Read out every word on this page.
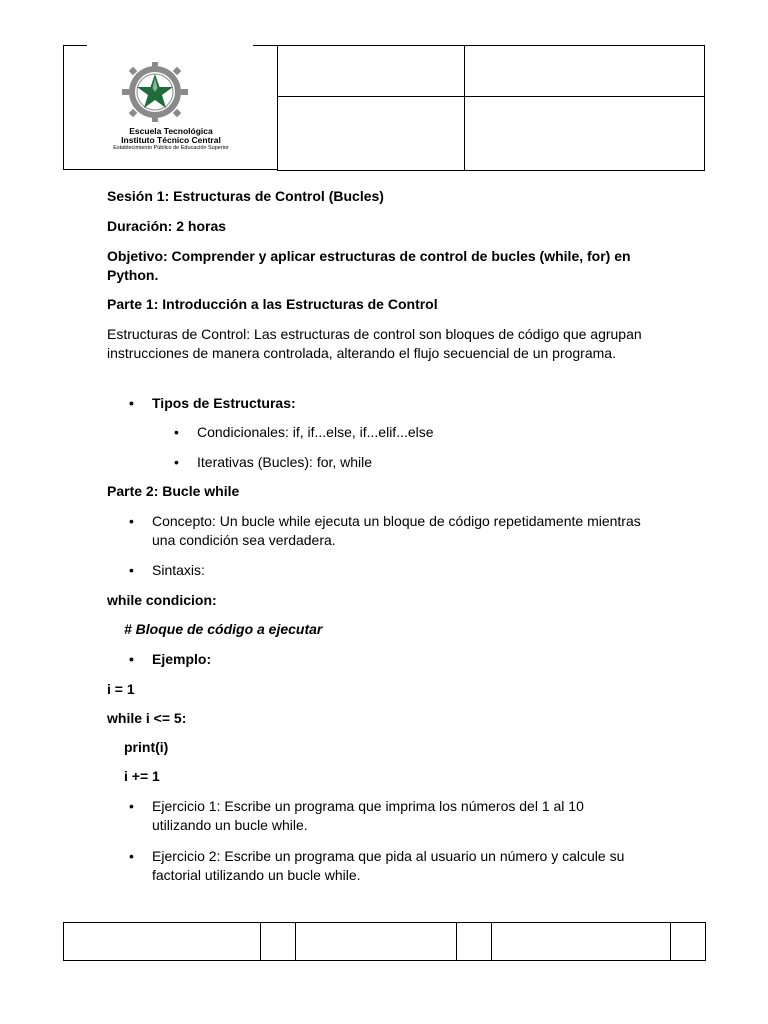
Escuela Tecnológica
Instituto Técnico Central
Establecimiento Público de Educación Superior

Sesión 1: Estructuras de Control (Bucles)

Duración: 2 horas

Objetivo: Comprender y aplicar estructuras de control de bucles (while, for) en Python.

Parte 1: Introducción a las Estructuras de Control

Estructuras de Control: Las estructuras de control son bloques de código que agrupan instrucciones de manera controlada, alterando el flujo secuencial de un programa.

• Tipos de Estructuras:
• Condicionales: if, if...else, if...elif...else
• Iterativas (Bucles): for, while

Parte 2: Bucle while

• Concepto: Un bucle while ejecuta un bloque de código repetidamente mientras una condición sea verdadera.
• Sintaxis:

while condicion:

# Bloque de código a ejecutar

• Ejemplo:

i = 1

while i <= 5:

print(i)

i += 1

• Ejercicio 1: Escribe un programa que imprima los números del 1 al 10 utilizando un bucle while.
• Ejercicio 2: Escribe un programa que pida al usuario un número y calcule su factorial utilizando un bucle while.
